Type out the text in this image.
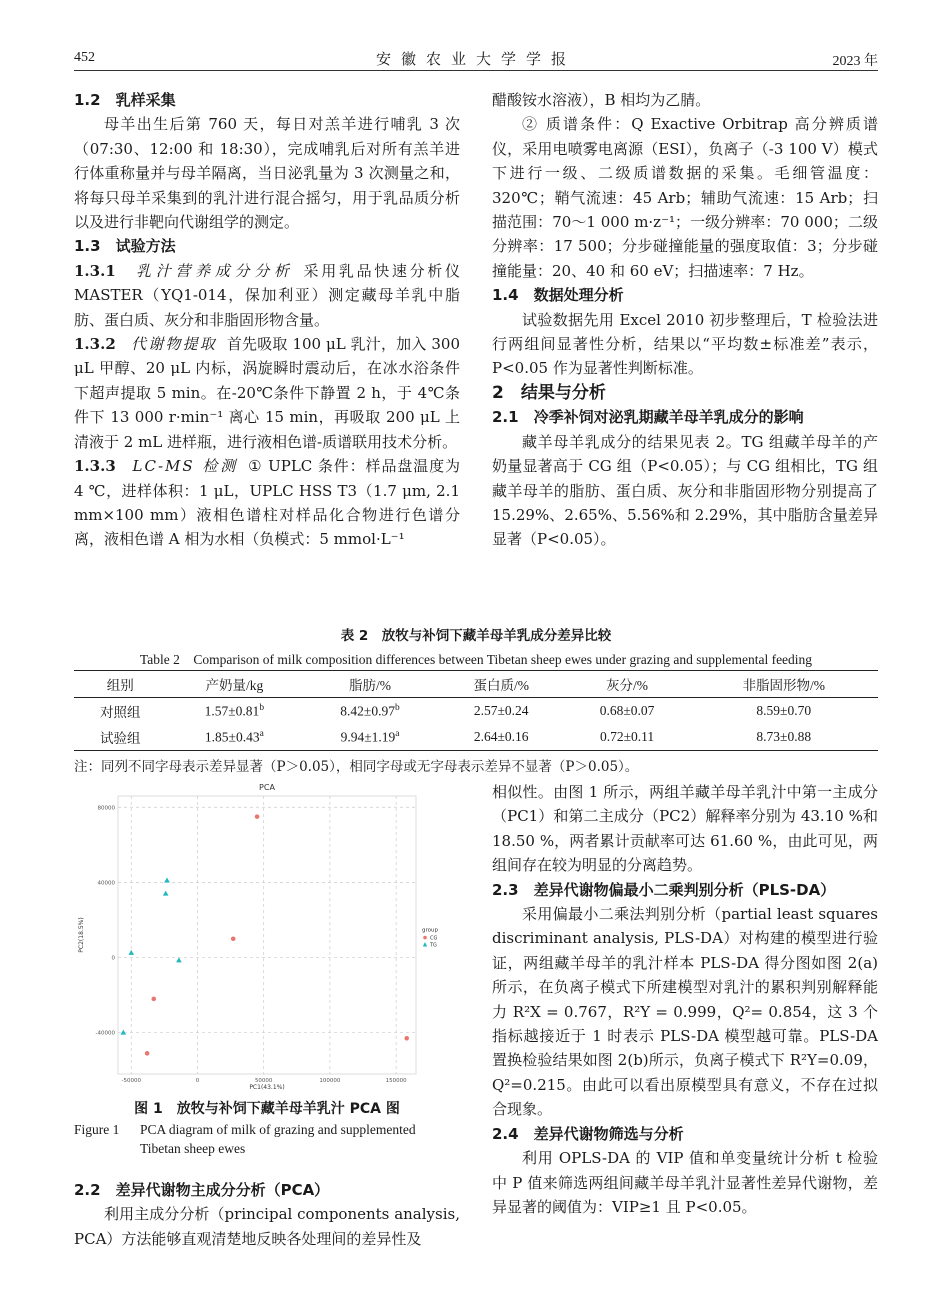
452	安徽农业大学学报	2023 年

1.2　乳样采集

母羊出生后第 760 天，每日对羔羊进行哺乳 3 次（07:30、12:00 和 18:30），完成哺乳后对所有羔羊进行体重称量并与母羊隔离，当日泌乳量为 3 次测量之和，将每只母羊采集到的乳汁进行混合摇匀，用于乳品质分析以及进行非靶向代谢组学的测定。

1.3　试验方法

1.3.1　 乳汁营养成分分析 采用乳品快速分析仪 MASTER（YQ1-014，保加利亚）测定藏母羊乳中脂肪、蛋白质、灰分和非脂固形物含量。

1.3.2　 代谢物提取 首先吸取 100 μL 乳汁，加入 300 μL 甲醇、20 μL 内标，涡旋瞬时震动后，在冰水浴条件下超声提取 5 min。在-20℃条件下静置 2 h，于 4℃条件下 13 000 r·min⁻¹ 离心 15 min，再吸取 200 μL 上清液于 2 mL 进样瓶，进行液相色谱-质谱联用技术分析。

1.3.3　 LC-MS 检测 ① UPLC 条件：样品盘温度为 4 ℃，进样体积：1 μL，UPLC HSS T3（1.7 μm, 2.1 mm×100 mm）液相色谱柱对样品化合物进行色谱分离，液相色谱 A 相为水相（负模式：5 mmol·L⁻¹

醋酸铵水溶液），B 相均为乙腈。

② 质谱条件：Q Exactive Orbitrap 高分辨质谱仪，采用电喷雾电离源（ESI），负离子（-3 100 V）模式下进行一级、二级质谱数据的采集。毛细管温度：320℃；鞘气流速：45 Arb；辅助气流速：15 Arb；扫描范围：70～1 000 m·z⁻¹；一级分辨率：70 000；二级分辨率：17 500；分步碰撞能量的强度取值：3；分步碰撞能量：20、40 和 60 eV；扫描速率：7 Hz。

1.4　数据处理分析

试验数据先用 Excel 2010 初步整理后，T 检验法进行两组间显著性分析，结果以“平均数±标准差”表示，P<0.05 作为显著性判断标准。

2　结果与分析

2.1　冷季补饲对泌乳期藏羊母羊乳成分的影响

藏羊母羊乳成分的结果见表 2。TG 组藏羊母羊的产奶量显著高于 CG 组（P<0.05）；与 CG 组相比，TG 组藏羊母羊的脂肪、蛋白质、灰分和非脂固形物分别提高了 15.29%、2.65%、5.56%和 2.29%，其中脂肪含量差异显著（P<0.05）。

表 2　放牧与补饲下藏羊母羊乳成分差异比较
Table 2　Comparison of milk composition differences between Tibetan sheep ewes under grazing and supplemental feeding
组别	产奶量/kg	脂肪/%	蛋白质/%	灰分/%	非脂固形物/%
对照组	1.57±0.81$^b$	8.42±0.97$^b$	2.57±0.24	0.68±0.07	8.59±0.70
试验组	1.85±0.43$^a$	9.94±1.19$^a$	2.64±0.16	0.72±0.11	8.73±0.88
注：同列不同字母表示差异显著（P＞0.05），相同字母或无字母表示差异不显著（P＞0.05）。
PCA
-50000	0	50000	100000	150000
-40000
0
40000
80000
PC1(43.1%)
PC2(18.5%)	group
CG
TG
图 1　放牧与补饲下藏羊母羊乳汁 PCA 图
Figure 1 PCA diagram of milk of grazing and supplemented Tibetan sheep ewes

2.2　差异代谢物主成分分析（PCA）

利用主成分分析（principal components analysis, PCA）方法能够直观清楚地反映各处理间的差异性及

相似性。由图 1 所示，两组羊藏羊母羊乳汁中第一主成分（PC1）和第二主成分（PC2）解释率分别为 43.10 %和 18.50 %，两者累计贡献率可达 61.60 %，由此可见，两组间存在较为明显的分离趋势。

2.3　差异代谢物偏最小二乘判别分析（PLS-DA）

采用偏最小二乘法判别分析（partial least squares discriminant analysis, PLS-DA）对构建的模型进行验证，两组藏羊母羊的乳汁样本 PLS-DA 得分图如图 2(a)所示，在负离子模式下所建模型对乳汁的累积判别解释能力 R²X = 0.767，R²Y = 0.999，Q²= 0.854，这 3 个指标越接近于 1 时表示 PLS-DA 模型越可靠。PLS-DA 置换检验结果如图 2(b)所示，负离子模式下 R²Y=0.09，Q²=0.215。由此可以看出原模型具有意义，不存在过拟合现象。

2.4　差异代谢物筛选与分析

利用 OPLS-DA 的 VIP 值和单变量统计分析 t 检验中 P 值来筛选两组间藏羊母羊乳汁显著性差异代谢物，差异显著的阈值为：VIP≥1 且 P<0.05。
